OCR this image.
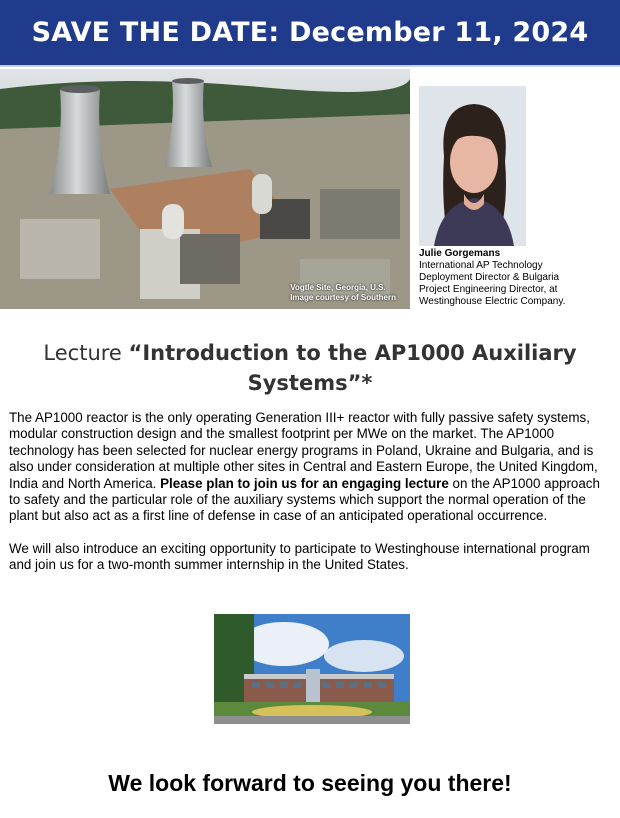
SAVE THE DATE: December 11, 2024
Vogtle Site, Georgia, U.S.
Image courtesy of Southern
Julie Gorgemans
International AP Technology
Deployment Director & Bulgaria
Project Engineering Director, at
Westinghouse Electric Company.
Lecture “Introduction to the AP1000 Auxiliary Systems”*

The AP1000 reactor is the only operating Generation III+ reactor with fully passive safety systems, modular construction design and the smallest footprint per MWe on the market. The AP1000 technology has been selected for nuclear energy programs in Poland, Ukraine and Bulgaria, and is also under consideration at multiple other sites in Central and Eastern Europe, the United Kingdom, India and North America. Please plan to join us for an engaging lecture on the AP1000 approach to safety and the particular role of the auxiliary systems which support the normal operation of the plant but also act as a first line of defense in case of an anticipated operational occurrence.

We will also introduce an exciting opportunity to participate to Westinghouse international program and join us for a two-month summer internship in the United States.

We look forward to seeing you there!
